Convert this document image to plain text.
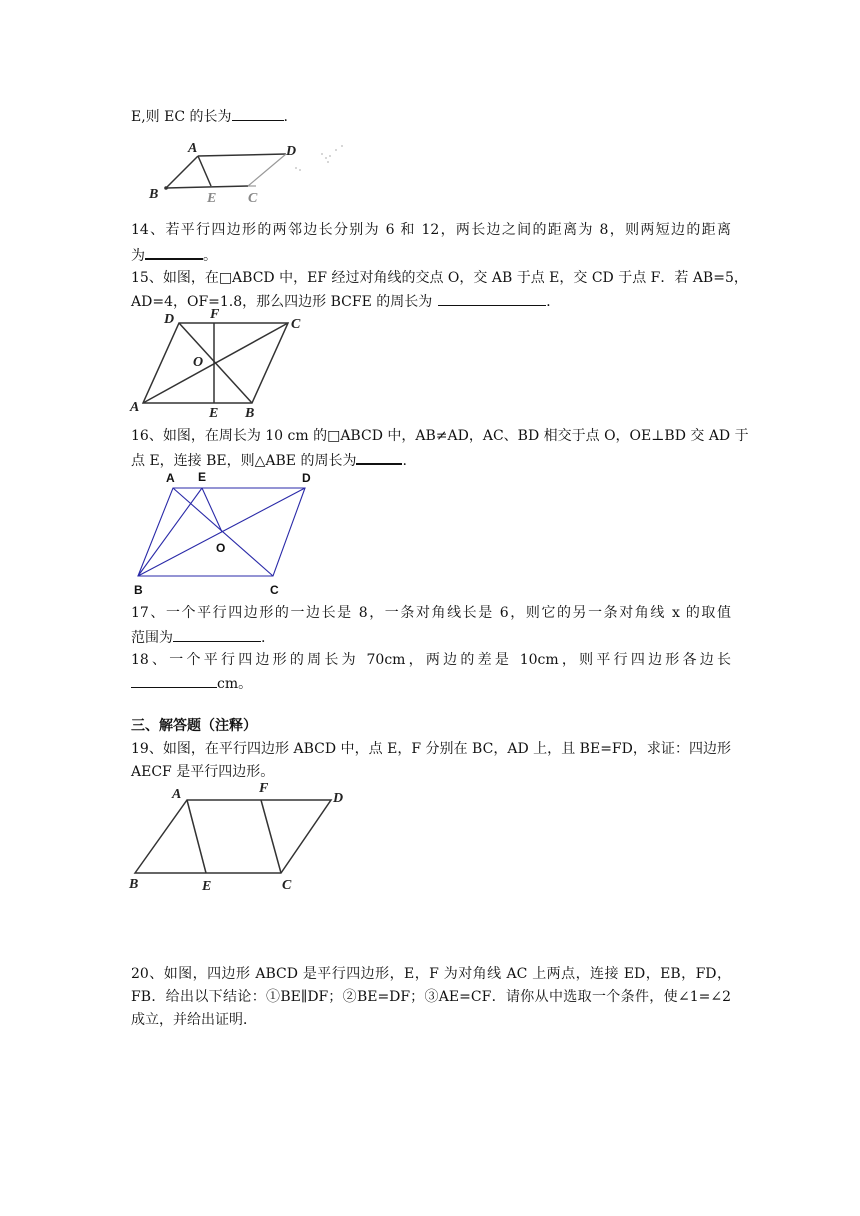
E,则 EC 的长为	.
A	D
B	E C
14、若平行四边形的两邻边长分别为 6 和 12，两长边之间的距离为 8，则两短边的距离
为	。
15、如图，在□ABCD 中，EF 经过对角线的交点 O，交 AB 于点 E，交 CD 于点 F．若 AB=5，
AD=4，OF=1.8，那么四边形 BCFE 的周长为	．
D	F
C
O
A	E B
16、如图，在周长为 10 cm 的□ABCD 中，AB≠AD，AC、BD 相交于点 O，OE⊥BD 交 AD 于
点 E，连接 BE，则△ABE 的周长为	.
A E	D
O
B	C
17、一个平行四边形的一边长是 8，一条对角线长是 6，则它的另一条对角线 x 的取值
范围为	.
18、一个平行四边形的周长为 70cm，两边的差是 10cm，则平行四边形各边长
cm。
三、解答题（注释）
19、如图，在平行四边形 ABCD 中，点 E，F 分别在 BC，AD 上，且 BE=FD，求证：四边形
AECF 是平行四边形。
A	F
D
B	E	C
20、如图，四边形 ABCD 是平行四边形，E，F 为对角线 AC 上两点，连接 ED，EB，FD，
FB．给出以下结论：①BE∥DF；②BE=DF；③AE=CF．请你从中选取一个条件，使∠1=∠2
成立，并给出证明．
